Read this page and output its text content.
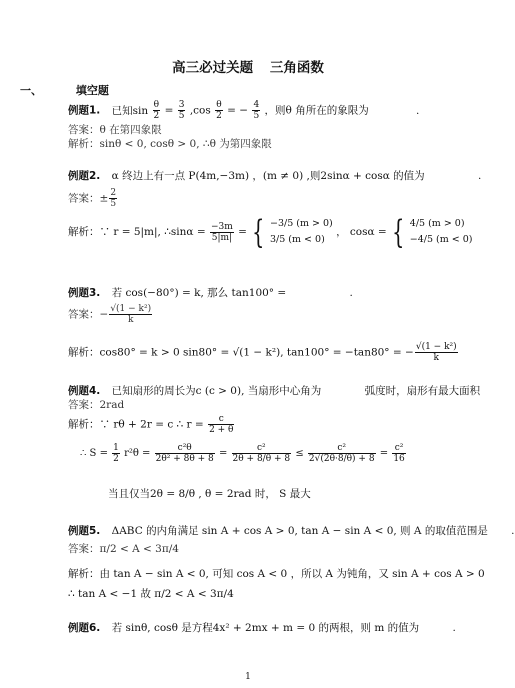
高三必过关题 三角函数
一、	填空题
例题1. 已知$\sin \frac{\theta}{2} = \frac{3}{5} ,\cos \frac{\theta}{2}$ = − $\frac{4}{5}$ ，则θ 角所在的象限为	.
答案：θ 在第四象限
解析：sinθ < 0, cosθ > 0, ∴θ 为第四象限
例题2. α 终边上有一点 P(4m,−3m) ，(m ≠ 0) ,则2sinα + cosα 的值为	.
答案：± $\frac{2}{5}$
解析：∵ r = 5|m|, ∴sinα = $\frac{-3m}{5|m|}$ = { −3/5 (m > 0)
3/5 (m < 0)
， cosα = { 4/5 (m > 0)
−4/5 (m < 0)
例题3. 若 cos(−80°) = k, 那么 tan100° =	.
答案：− $\frac{\text{√(1 − k²)}}{k}$
解析：cos80° = k > 0 sin80° = √(1 − k²), tan100° = −tan80° = − $\frac{\text{√(1 − k²)}}{k}$
例题4. 已知扇形的周长为c (c > 0), 当扇形中心角为	弧度时，扇形有最大面积
答案：2rad
解析：∵ rθ + 2r = c ∴ $r = \frac{c}{2 + \theta}$
∴ $S = \frac{1}{2} r^2\theta = \frac{\text{c²θ}}{\text{2θ² + 8θ + 8}} = \frac{\text{c²}}{2\theta + 8/\theta + 8} \le \frac{\text{c²}}{2√(2\theta\cdot 8/\theta) + 8} = \frac{\text{c²}}{16}$
当且仅当2θ = 8/θ , θ = 2rad 时， S 最大
例题5. ΔABC 的内角满足 sin A + cos A > 0, tan A − sin A < 0, 则 A 的取值范围是 .
答案：π/2 < A < 3π/4
解析：由 tan A − sin A < 0, 可知 cos A < 0 ，所以 A 为钝角，又 sin A + cos A > 0
∴ tan A < −1 故 π/2 < A < 3π/4
例题6. 若 sinθ, cosθ 是方程4x² + 2mx + m = 0 的两根，则 m 的值为	.
1
